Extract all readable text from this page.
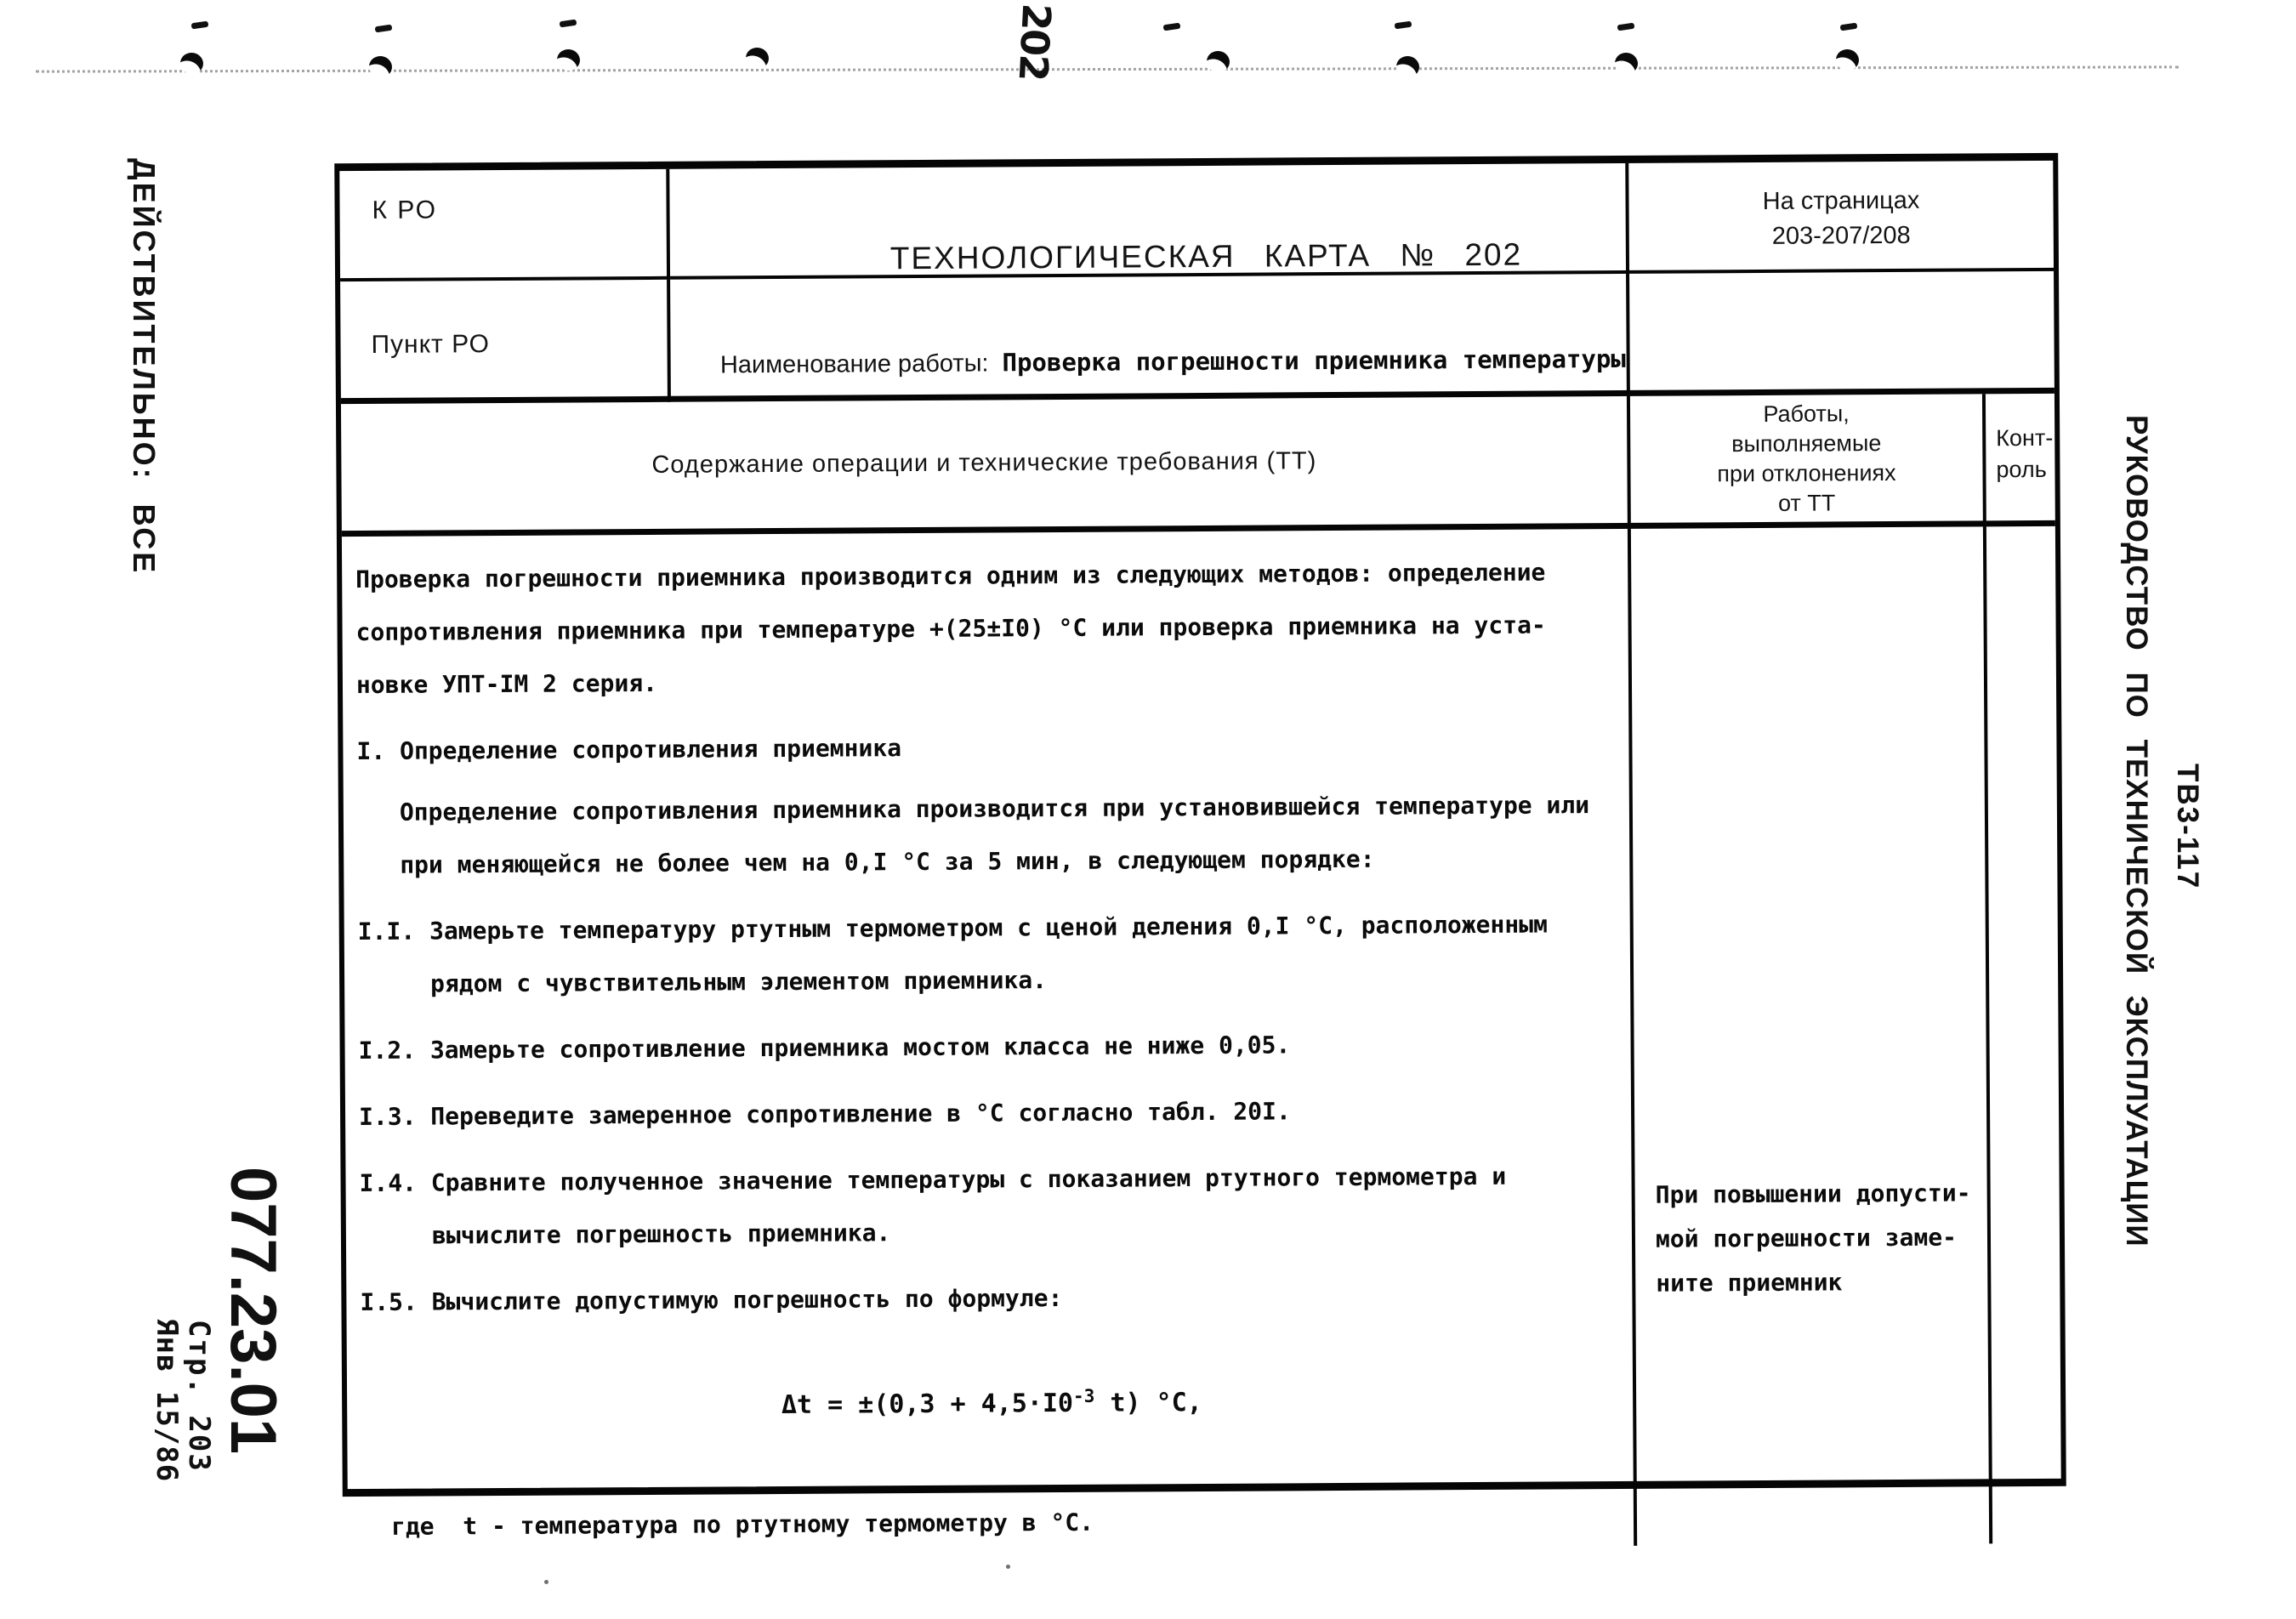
202
ДЕЙСТВИТЕЛЬНО: ВСЕ
077.23.01
Стр. 203
Янв 15/86
РУКОВОДСТВО ПО ТЕХНИЧЕСКОЙ ЭКСПЛУАТАЦИИ ТВ3-117
К РО

ТЕХНОЛОГИЧЕСКАЯ КАРТА № 202

На страницах
203-207/208
Пункт РО

Наименование работы: Проверка погрешности приемника температуры

Содержание операции и технические требования (ТТ)
Работы,
выполняемые
при отклонениях
от ТТ
Конт-
роль
Проверка погрешности приемника производится одним из следующих методов: определение
сопротивления приемника при температуре +(25±I0) °С или проверка приемника на уста-
новке УПТ-IМ 2 серия.
I. Определение сопротивления приемника
Определение сопротивления приемника производится при установившейся температуре или
при меняющейся не более чем на 0,I °С за 5 мин, в следующем порядке:
I.I. Замерьте температуру ртутным термометром с ценой деления 0,I °С, расположенным
рядом с чувствительным элементом приемника.
I.2. Замерьте сопротивление приемника мостом класса не ниже 0,05.
I.3. Переведите замеренное сопротивление в °С согласно табл. 20I.
I.4. Сравните полученное значение температуры с показанием ртутного термометра и
вычислите погрешность приемника.
I.5. Вычислите допустимую погрешность по формуле:

$\Delta t = \pm(0,3 + 4,5\cdot I0^{-3}$ t) °С,

где  t - температура по ртутному термометру в °С.
При повышении допусти-
мой погрешности заме-
ните приемник
